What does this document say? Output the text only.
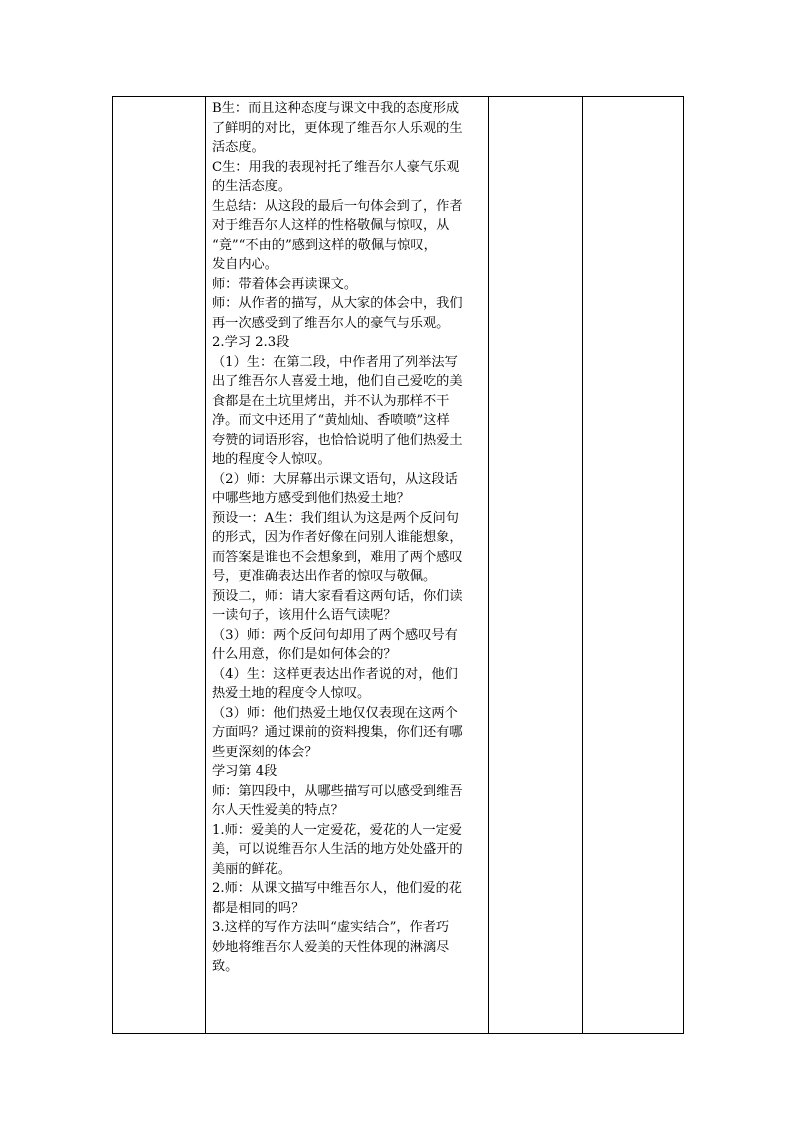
B生：而且这种态度与课文中我的态度形成

了鲜明的对比，更体现了维吾尔人乐观的生

活态度。

C生：用我的表现衬托了维吾尔人豪气乐观

的生活态度。

生总结：从这段的最后一句体会到了，作者

对于维吾尔人这样的性格敬佩与惊叹，从

“竟”“不由的”感到这样的敬佩与惊叹，

发自内心。

师：带着体会再读课文。

师：从作者的描写，从大家的体会中，我们

再一次感受到了维吾尔人的豪气与乐观。

2.学习 2.3段

（1）生：在第二段，中作者用了列举法写

出了维吾尔人喜爱土地，他们自己爱吃的美

食都是在土坑里烤出，并不认为那样不干

净。而文中还用了“黄灿灿、香喷喷”这样

夸赞的词语形容，也恰恰说明了他们热爱土

地的程度令人惊叹。

（2）师：大屏幕出示课文语句，从这段话

中哪些地方感受到他们热爱土地？

预设一：A生：我们组认为这是两个反问句

的形式，因为作者好像在问别人谁能想象，

而答案是谁也不会想象到，难用了两个感叹

号，更准确表达出作者的惊叹与敬佩。

预设二，师：请大家看看这两句话，你们读

一读句子，该用什么语气读呢？

（3）师：两个反问句却用了两个感叹号有

什么用意，你们是如何体会的？

（4）生：这样更表达出作者说的对，他们

热爱土地的程度令人惊叹。

（3）师：他们热爱土地仅仅表现在这两个

方面吗？通过课前的资料搜集，你们还有哪

些更深刻的体会？

学习第 4段

师：第四段中，从哪些描写可以感受到维吾

尔人天性爱美的特点？

1.师：爱美的人一定爱花，爱花的人一定爱

美，可以说维吾尔人生活的地方处处盛开的

美丽的鲜花。

2.师：从课文描写中维吾尔人，他们爱的花

都是相同的吗？

3.这样的写作方法叫“虚实结合”，作者巧

妙地将维吾尔人爱美的天性体现的淋漓尽

致。
